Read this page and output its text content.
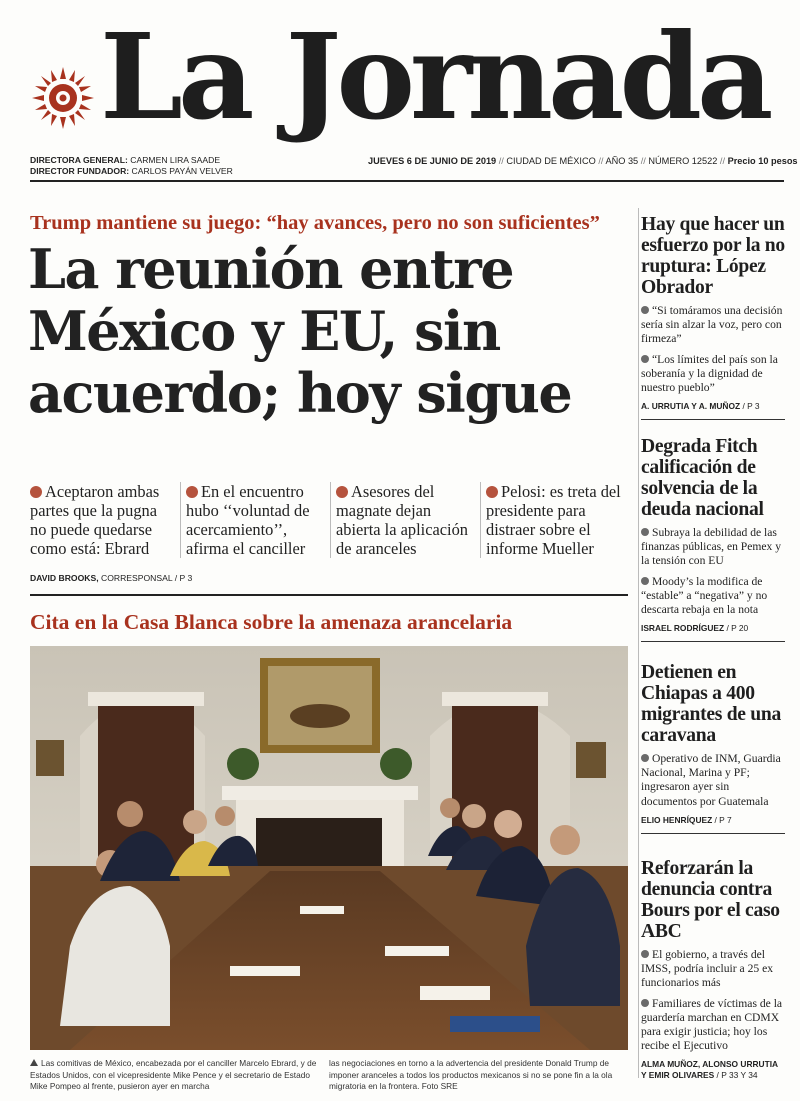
La Jornada
DIRECTORA GENERAL: CARMEN LIRA SAADE
DIRECTOR FUNDADOR: CARLOS PAYÁN VELVER
JUEVES 6 DE JUNIO DE 2019 // CIUDAD DE MÉXICO // AÑO 35 // NÚMERO 12522 // Precio 10 pesos
Trump mantiene su juego: “hay avances, pero no son suficientes”
La reunión entre México y EU, sin acuerdo; hoy sigue
Aceptaron ambas partes que la pugna no puede quedarse como está: Ebrard
En el encuentro hubo ‘‘voluntad de acercamiento’’, afirma el canciller
Asesores del magnate dejan abierta la aplicación de aranceles
Pelosi: es treta del presidente para distraer sobre el informe Mueller
DAVID BROOKS, CORRESPONSAL / P 3
Cita en la Casa Blanca sobre la amenaza arancelaria
Las comitivas de México, encabezada por el canciller Marcelo Ebrard, y de Estados Unidos, con el vicepresidente Mike Pence y el secretario de Estado Mike Pompeo al frente, pusieron ayer en marcha
las negociaciones en torno a la advertencia del presidente Donald Trump de imponer aranceles a todos los productos mexicanos si no se pone fin a la ola migratoria en la frontera. Foto SRE
Hay que hacer un esfuerzo por la no ruptura: López Obrador
“Si tomáramos una decisión sería sin alzar la voz, pero con firmeza”
“Los límites del país son la soberanía y la dignidad de nuestro pueblo”
A. URRUTIA Y A. MUÑOZ / P 3
Degrada Fitch calificación de solvencia de la deuda nacional
Subraya la debilidad de las finanzas públicas, en Pemex y la tensión con EU
Moody’s la modifica de “estable” a “negativa” y no descarta rebaja en la nota
ISRAEL RODRÍGUEZ / P 20
Detienen en Chiapas a 400 migrantes de una caravana
Operativo de INM, Guardia Nacional, Marina y PF; ingresaron ayer sin documentos por Guatemala
ELIO HENRÍQUEZ / P 7
Reforzarán la denuncia contra Bours por el caso ABC
El gobierno, a través del IMSS, podría incluir a 25 ex funcionarios más
Familiares de víctimas de la guardería marchan en CDMX para exigir justicia; hoy los recibe el Ejecutivo
ALMA MUÑOZ, ALONSO URRUTIA Y EMIR OLIVARES / P 33 Y 34
